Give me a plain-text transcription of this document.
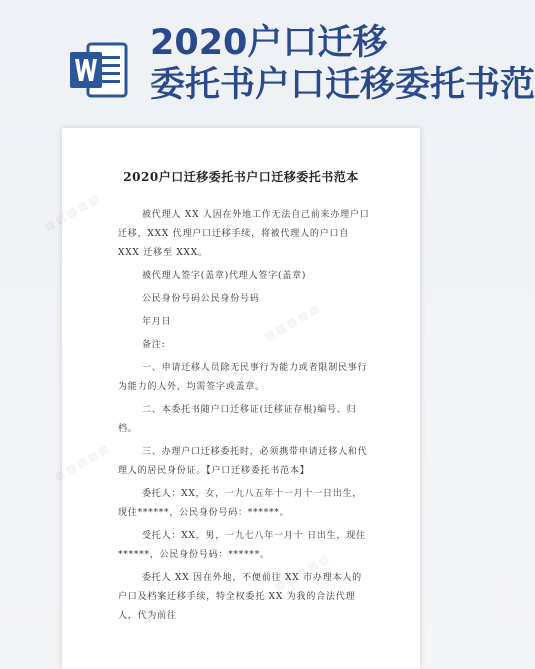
2020户口迁移
委托书户口迁移委托书范
▨ ▨ ▨ ▨ ▨
▨ ▨ ▨ ▨ ▨
▨ ▨ ▨ ▨ ▨
▨ ▨ ▨ ▨ ▨
2020户口迁移委托书户口迁移委托书范本

被代理人 XX 人因在外地工作无法自己前来办理户口迁移，XXX 代理户口迁移手续，将被代理人的户口自 XXX 迁移至 XXX。

被代理人签字(盖章)代理人签字(盖章)

公民身份号码公民身份号码

年月日

备注:

一、申请迁移人员除无民事行为能力或者限制民事行为能力的人外，均需签字或盖章。

二、本委托书随户口迁移证(迁移证存根)编号、归档。

三、办理户口迁移委托时，必须携带申请迁移人和代理人的居民身份证。【户口迁移委托书范本】

委托人：XX，女，一九八五年十一月十一日出生，现住******，公民身份号码：******。

受托人：XX，男，一九七八年一月十 日出生，现住******，公民身份号码：******。

委托人 XX 因在外地，不便前往 XX 市办理本人的户口及档案迁移手续，特全权委托 XX 为我的合法代理人，代为前往
